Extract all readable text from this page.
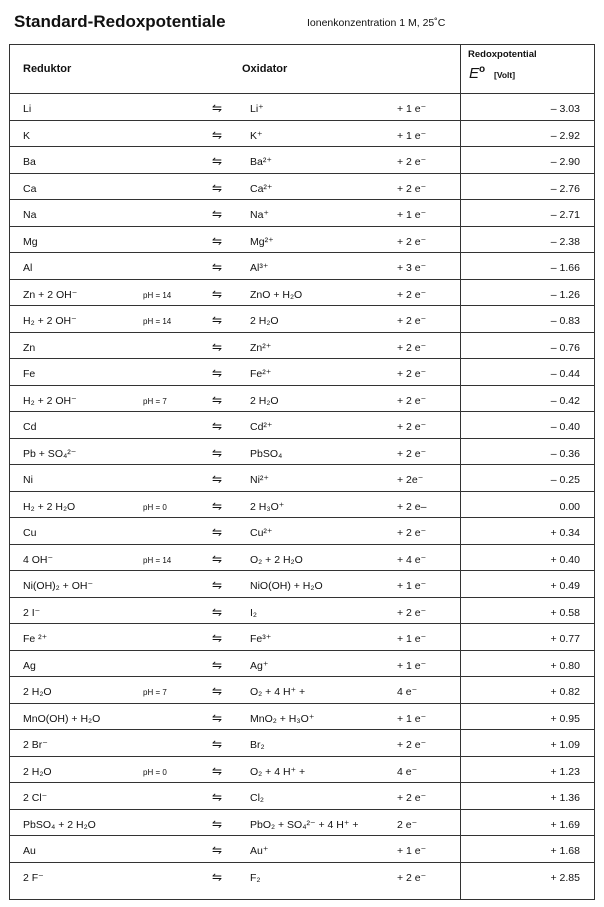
Standard-Redoxpotentiale	Ionenkonzentration 1 M, 25˚C
Reduktor	Oxidator
Redoxpotential
$E^o$ [Volt]
Li	⇋	Li⁺	+ 1 e⁻	– 3.03
K	⇋	K⁺	+ 1 e⁻	– 2.92
Ba	⇋	Ba²⁺	+ 2 e⁻	– 2.90
Ca	⇋	Ca²⁺	+ 2 e⁻	– 2.76
Na	⇋	Na⁺	+ 1 e⁻	– 2.71
Mg	⇋	Mg²⁺	+ 2 e⁻	– 2.38
Al	⇋	Al³⁺	+ 3 e⁻	– 1.66
Zn + 2 OH⁻	pH = 14	⇋	ZnO + H₂O	+ 2 e⁻	– 1.26
H₂ + 2 OH⁻	pH = 14	⇋	2 H₂O	+ 2 e⁻	– 0.83
Zn	⇋	Zn²⁺	+ 2 e⁻	– 0.76
Fe	⇋	Fe²⁺	+ 2 e⁻	– 0.44
H₂ + 2 OH⁻	pH = 7	⇋	2 H₂O	+ 2 e⁻	– 0.42
Cd	⇋	Cd²⁺	+ 2 e⁻	– 0.40
Pb + SO₄²⁻	⇋	PbSO₄	+ 2 e⁻	– 0.36
Ni	⇋	Ni²⁺	+ 2e⁻	– 0.25
H₂ + 2 H₂O	pH = 0	⇋	2 H₃O⁺	+ 2 e–	0.00
Cu	⇋	Cu²⁺	+ 2 e⁻	+ 0.34
4 OH⁻	pH = 14	⇋	O₂ + 2 H₂O	+ 4 e⁻	+ 0.40
Ni(OH)₂ + OH⁻	⇋	NiO(OH) + H₂O	+ 1 e⁻	+ 0.49
2 I⁻	⇋	I₂	+ 2 e⁻	+ 0.58
Fe ²⁺	⇋	Fe³⁺	+ 1 e⁻	+ 0.77
Ag	⇋	Ag⁺	+ 1 e⁻	+ 0.80
2 H₂O	pH = 7	⇋	O₂ + 4 H⁺ +	4 e⁻	+ 0.82
MnO(OH) + H₂O	⇋	MnO₂ + H₃O⁺	+ 1 e⁻	+ 0.95
2 Br⁻	⇋	Br₂	+ 2 e⁻	+ 1.09
2 H₂O	pH = 0	⇋	O₂ + 4 H⁺ +	4 e⁻	+ 1.23
2 Cl⁻	⇋	Cl₂	+ 2 e⁻	+ 1.36
PbSO₄ + 2 H₂O	⇋	PbO₂ + SO₄²⁻ + 4 H⁺ +	2 e⁻	+ 1.69
Au	⇋	Au⁺	+ 1 e⁻	+ 1.68
2 F⁻	⇋	F₂	+ 2 e⁻	+ 2.85
